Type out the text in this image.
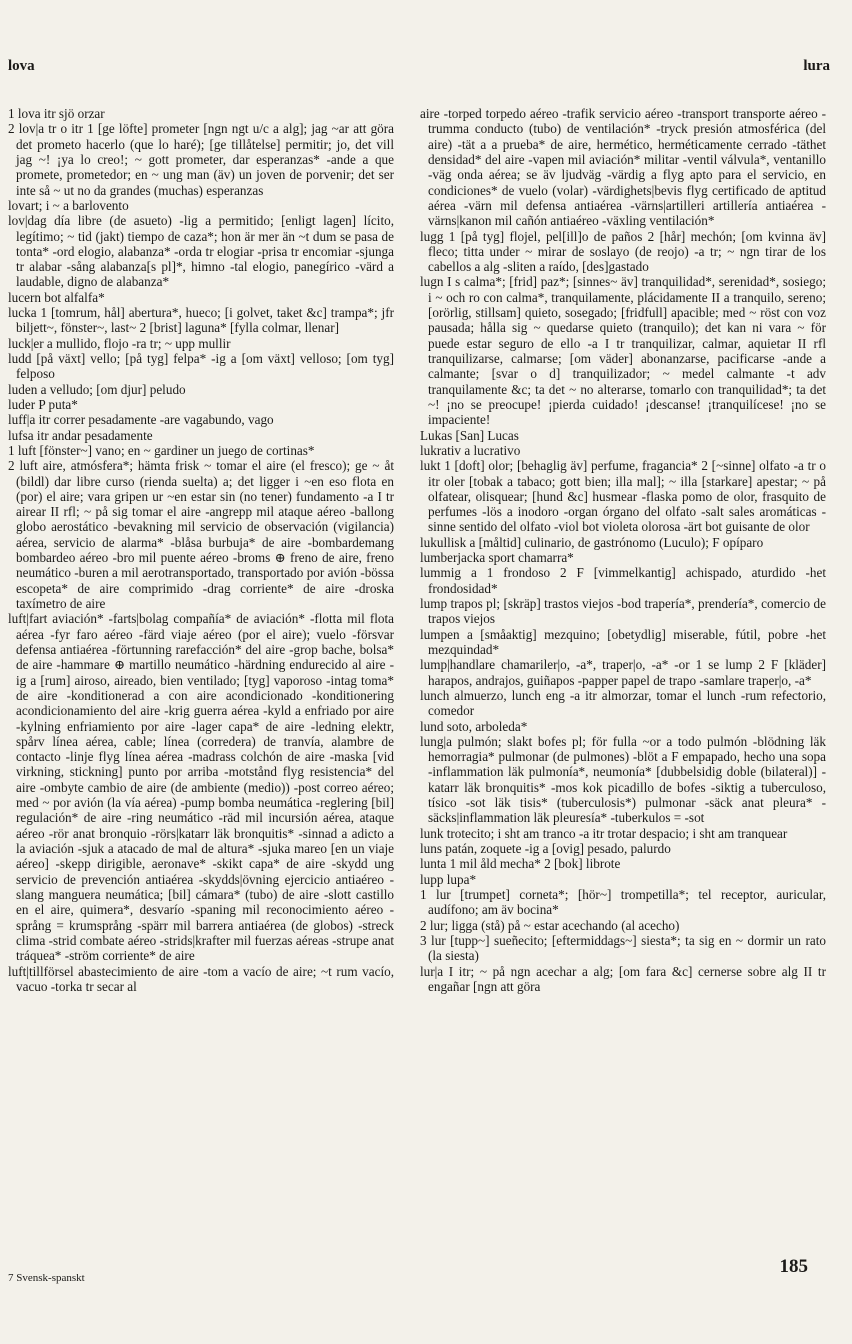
lova	lura

1 lova itr sjö orzar

2 lov|a tr o itr 1 [ge löfte] prometer [ngn ngt u/c a alg]; jag ~ar att göra det prometo hacerlo (que lo haré); [ge tillåtelse] permitir; jo, det vill jag ~! ¡ya lo creo!; ~ gott prometer, dar esperanzas* -ande a que promete, prometedor; en ~ ung man (äv) un joven de porvenir; det ser inte så ~ ut no da grandes (muchas) esperanzas

lovart; i ~ a barlovento

lov|dag día libre (de asueto) -lig a permitido; [enligt lagen] lícito, legítimo; ~ tid (jakt) tiempo de caza*; hon är mer än ~t dum se pasa de tonta* -ord elogio, alabanza* -orda tr elogiar -prisa tr encomiar -sjunga tr alabar -sång alabanza[s pl]*, himno -tal elogio, panegírico -värd a laudable, digno de alabanza*

lucern bot alfalfa*

lucka 1 [tomrum, hål] abertura*, hueco; [i golvet, taket &c] trampa*; jfr biljett~, fönster~, last~ 2 [brist] laguna* [fylla colmar, llenar]

luck|er a mullido, flojo -ra tr; ~ upp mullir

ludd [på växt] vello; [på tyg] felpa* -ig a [om växt] velloso; [om tyg] felposo

luden a velludo; [om djur] peludo

luder P puta*

luff|a itr correr pesadamente -are vagabundo, vago

lufsa itr andar pesadamente

1 luft [fönster~] vano; en ~ gardiner un juego de cortinas*

2 luft aire, atmósfera*; hämta frisk ~ tomar el aire (el fresco); ge ~ åt (bildl) dar libre curso (rienda suelta) a; det ligger i ~en eso flota en (por) el aire; vara gripen ur ~en estar sin (no tener) fundamento -a I tr airear II rfl; ~ på sig tomar el aire -angrepp mil ataque aéreo -ballong globo aerostático -bevakning mil servicio de observación (vigilancia) aérea, servicio de alarma* -blåsa burbuja* de aire -bombardemang bombardeo aéreo -bro mil puente aéreo -broms ⊕ freno de aire, freno neumático -buren a mil aerotransportado, transportado por avión -bössa escopeta* de aire comprimido -drag corriente* de aire -droska taxímetro de aire

luft|fart aviación* -farts|bolag compañía* de aviación* -flotta mil flota aérea -fyr faro aéreo -färd viaje aéreo (por el aire); vuelo -försvar defensa antiaérea -förtunning rarefacción* del aire -grop bache, bolsa* de aire -hammare ⊕ martillo neumático -härdning endurecido al aire -ig a [rum] airoso, aireado, bien ventilado; [tyg] vaporoso -intag toma* de aire -konditionerad a con aire acondicionado -konditionering acondicionamiento del aire -krig guerra aérea -kyld a enfriado por aire -kylning enfriamiento por aire -lager capa* de aire -ledning elektr, spårv línea aérea, cable; línea (corredera) de tranvía, alambre de contacto -linje flyg línea aérea -madrass colchón de aire -maska [vid virkning, stickning] punto por arriba -motstånd flyg resistencia* del aire -ombyte cambio de aire (de ambiente (medio)) -post correo aéreo; med ~ por avión (la vía aérea) -pump bomba neumática -reglering [bil] regulación* de aire -ring neumático -räd mil incursión aérea, ataque aéreo -rör anat bronquio -rörs|katarr läk bronquitis* -sinnad a adicto a la aviación -sjuk a atacado de mal de altura* -sjuka mareo [en un viaje aéreo] -skepp dirigible, aeronave* -skikt capa* de aire -skydd ung servicio de prevención antiaérea -skydds|övning ejercicio antiaéreo -slang manguera neumática; [bil] cámara* (tubo) de aire -slott castillo en el aire, quimera*, desvarío -spaning mil reconocimiento aéreo -språng = krumsprång -spärr mil barrera antiaérea (de globos) -streck clima -strid combate aéreo -strids|krafter mil fuerzas aéreas -strupe anat tráquea* -ström corriente* de aire

luft|tillförsel abastecimiento de aire -tom a vacío de aire; ~t rum vacío, vacuo -torka tr secar al

aire -torped torpedo aéreo -trafik servicio aéreo -transport transporte aéreo -trumma conducto (tubo) de ventilación* -tryck presión atmosférica (del aire) -tät a a prueba* de aire, hermético, herméticamente cerrado -täthet densidad* del aire -vapen mil aviación* militar -ventil válvula*, ventanillo -väg onda aérea; se äv ljudväg -värdig a flyg apto para el servicio, en condiciones* de vuelo (volar) -värdighets|bevis flyg certificado de aptitud aérea -värn mil defensa antiaérea -värns|artilleri artillería antiaérea -värns|kanon mil cañón antiaéreo -växling ventilación*

lugg 1 [på tyg] flojel, pel[ill]o de paños 2 [hår] mechón; [om kvinna äv] fleco; titta under ~ mirar de soslayo (de reojo) -a tr; ~ ngn tirar de los cabellos a alg -sliten a raído, [des]gastado

lugn I s calma*; [frid] paz*; [sinnes~ äv] tranquilidad*, serenidad*, sosiego; i ~ och ro con calma*, tranquilamente, plácidamente II a tranquilo, sereno; [orörlig, stillsam] quieto, sosegado; [fridfull] apacible; med ~ röst con voz pausada; hålla sig ~ quedarse quieto (tranquilo); det kan ni vara ~ för puede estar seguro de ello -a I tr tranquilizar, calmar, aquietar II rfl tranquilizarse, calmarse; [om väder] abonanzarse, pacificarse -ande a calmante; [svar o d] tranquilizador; ~ medel calmante -t adv tranquilamente &c; ta det ~ no alterarse, tomarlo con tranquilidad*; ta det ~! ¡no se preocupe! ¡pierda cuidado! ¡descanse! ¡tranquilícese! ¡no se impaciente!

Lukas [San] Lucas

lukrativ a lucrativo

lukt 1 [doft] olor; [behaglig äv] perfume, fragancia* 2 [~sinne] olfato -a tr o itr oler [tobak a tabaco; gott bien; illa mal]; ~ illa [starkare] apestar; ~ på olfatear, olisquear; [hund &c] husmear -flaska pomo de olor, frasquito de perfumes -lös a inodoro -organ órgano del olfato -salt sales aromáticas -sinne sentido del olfato -viol bot violeta olorosa -ärt bot guisante de olor

lukullisk a [måltid] culinario, de gastrónomo (Luculo); F opíparo

lumberjacka sport chamarra*

lummig a 1 frondoso 2 F [vimmelkantig] achispado, aturdido -het frondosidad*

lump trapos pl; [skräp] trastos viejos -bod trapería*, prendería*, comercio de trapos viejos

lumpen a [småaktig] mezquino; [obetydlig] miserable, fútil, pobre -het mezquindad*

lump|handlare chamariler|o, -a*, traper|o, -a* -or 1 se lump 2 F [kläder] harapos, andrajos, guiñapos -papper papel de trapo -samlare traper|o, -a*

lunch almuerzo, lunch eng -a itr almorzar, tomar el lunch -rum refectorio, comedor

lund soto, arboleda*

lung|a pulmón; slakt bofes pl; för fulla ~or a todo pulmón -blödning läk hemorragia* pulmonar (de pulmones) -blöt a F empapado, hecho una sopa -inflammation läk pulmonía*, neumonía* [dubbelsidig doble (bilateral)] -katarr läk bronquitis* -mos kok picadillo de bofes -siktig a tuberculoso, tísico -sot läk tisis* (tuberculosis*) pulmonar -säck anat pleura* -säcks|inflammation läk pleuresía* -tuberkulos = -sot

lunk trotecito; i sht am tranco -a itr trotar despacio; i sht am tranquear

luns patán, zoquete -ig a [ovig] pesado, palurdo

lunta 1 mil åld mecha* 2 [bok] librote

lupp lupa*

1 lur [trumpet] corneta*; [hör~] trompetilla*; tel receptor, auricular, audífono; am äv bocina*

2 lur; ligga (stå) på ~ estar acechando (al acecho)

3 lur [tupp~] sueñecito; [eftermiddags~] siesta*; ta sig en ~ dormir un rato (la siesta)

lur|a I itr; ~ på ngn acechar a alg; [om fara &c] cernerse sobre alg II tr engañar [ngn att göra

7 Svensk-spanskt
185
